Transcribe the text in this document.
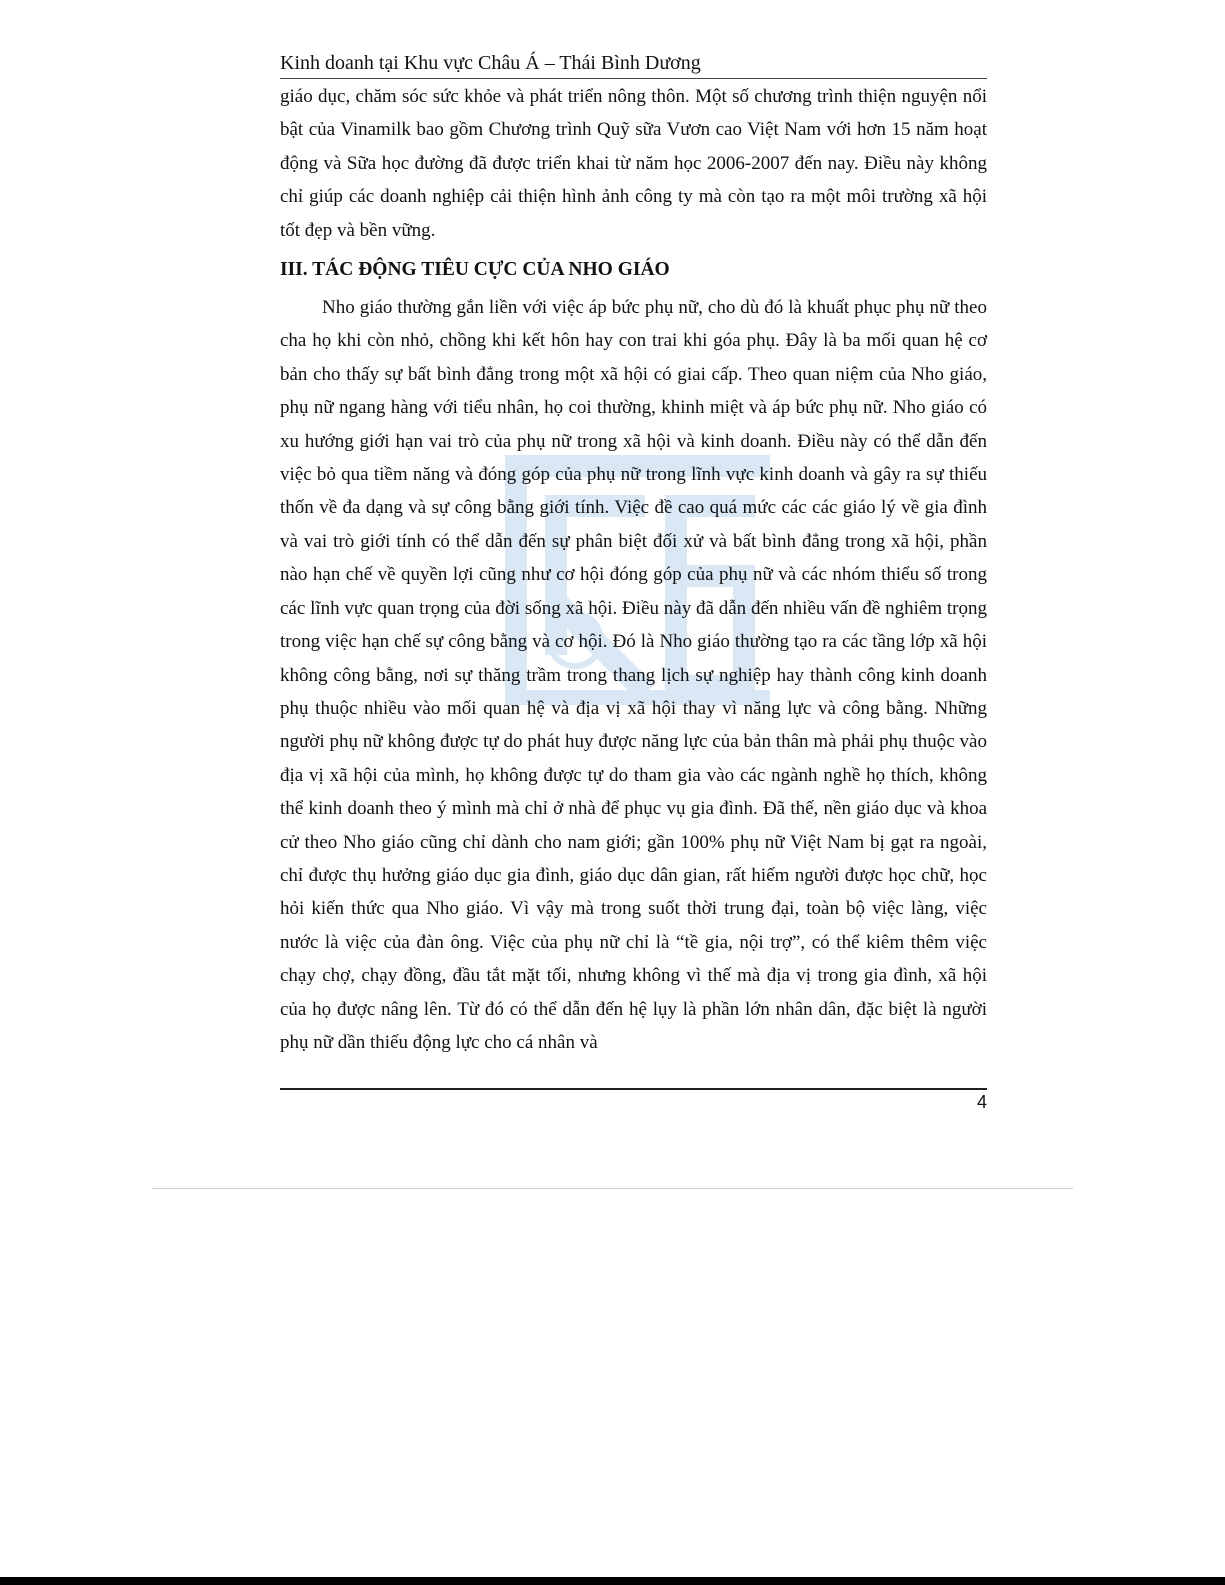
Kinh doanh tại Khu vực Châu Á – Thái Bình Dương

giáo dục, chăm sóc sức khỏe và phát triển nông thôn. Một số chương trình thiện nguyện nổi bật của Vinamilk bao gồm Chương trình Quỹ sữa Vươn cao Việt Nam với hơn 15 năm hoạt động và Sữa học đường đã được triển khai từ năm học 2006-2007 đến nay. Điều này không chỉ giúp các doanh nghiệp cải thiện hình ảnh công ty mà còn tạo ra một môi trường xã hội tốt đẹp và bền vững.

III. TÁC ĐỘNG TIÊU CỰC CỦA NHO GIÁO

Nho giáo thường gắn liền với việc áp bức phụ nữ, cho dù đó là khuất phục phụ nữ theo cha họ khi còn nhỏ, chồng khi kết hôn hay con trai khi góa phụ. Đây là ba mối quan hệ cơ bản cho thấy sự bất bình đẳng trong một xã hội có giai cấp. Theo quan niệm của Nho giáo, phụ nữ ngang hàng với tiểu nhân, họ coi thường, khinh miệt và áp bức phụ nữ. Nho giáo có xu hướng giới hạn vai trò của phụ nữ trong xã hội và kinh doanh. Điều này có thể dẫn đến việc bỏ qua tiềm năng và đóng góp của phụ nữ trong lĩnh vực kinh doanh và gây ra sự thiếu thốn về đa dạng và sự công bằng giới tính. Việc đề cao quá mức các các giáo lý về gia đình và vai trò giới tính có thể dẫn đến sự phân biệt đối xử và bất bình đẳng trong xã hội, phần nào hạn chế về quyền lợi cũng như cơ hội đóng góp của phụ nữ và các nhóm thiểu số trong các lĩnh vực quan trọng của đời sống xã hội. Điều này đã dẫn đến nhiều vấn đề nghiêm trọng trong việc hạn chế sự công bằng và cơ hội. Đó là Nho giáo thường tạo ra các tầng lớp xã hội không công bằng, nơi sự thăng trầm trong thang lịch sự nghiệp hay thành công kinh doanh phụ thuộc nhiều vào mối quan hệ và địa vị xã hội thay vì năng lực và công bằng. Những người phụ nữ không được tự do phát huy được năng lực của bản thân mà phải phụ thuộc vào địa vị xã hội của mình, họ không được tự do tham gia vào các ngành nghề họ thích, không thể kinh doanh theo ý mình mà chỉ ở nhà để phục vụ gia đình. Đã thế, nền giáo dục và khoa cử theo Nho giáo cũng chỉ dành cho nam giới; gần 100% phụ nữ Việt Nam bị gạt ra ngoài, chỉ được thụ hưởng giáo dục gia đình, giáo dục dân gian, rất hiếm người được học chữ, học hỏi kiến thức qua Nho giáo. Vì vậy mà trong suốt thời trung đại, toàn bộ việc làng, việc nước là việc của đàn ông. Việc của phụ nữ chỉ là “tề gia, nội trợ”, có thể kiêm thêm việc chạy chợ, chạy đồng, đầu tắt mặt tối, nhưng không vì thế mà địa vị trong gia đình, xã hội của họ được nâng lên. Từ đó có thể dẫn đến hệ lụy là phần lớn nhân dân, đặc biệt là người phụ nữ dần thiếu động lực cho cá nhân và

4
